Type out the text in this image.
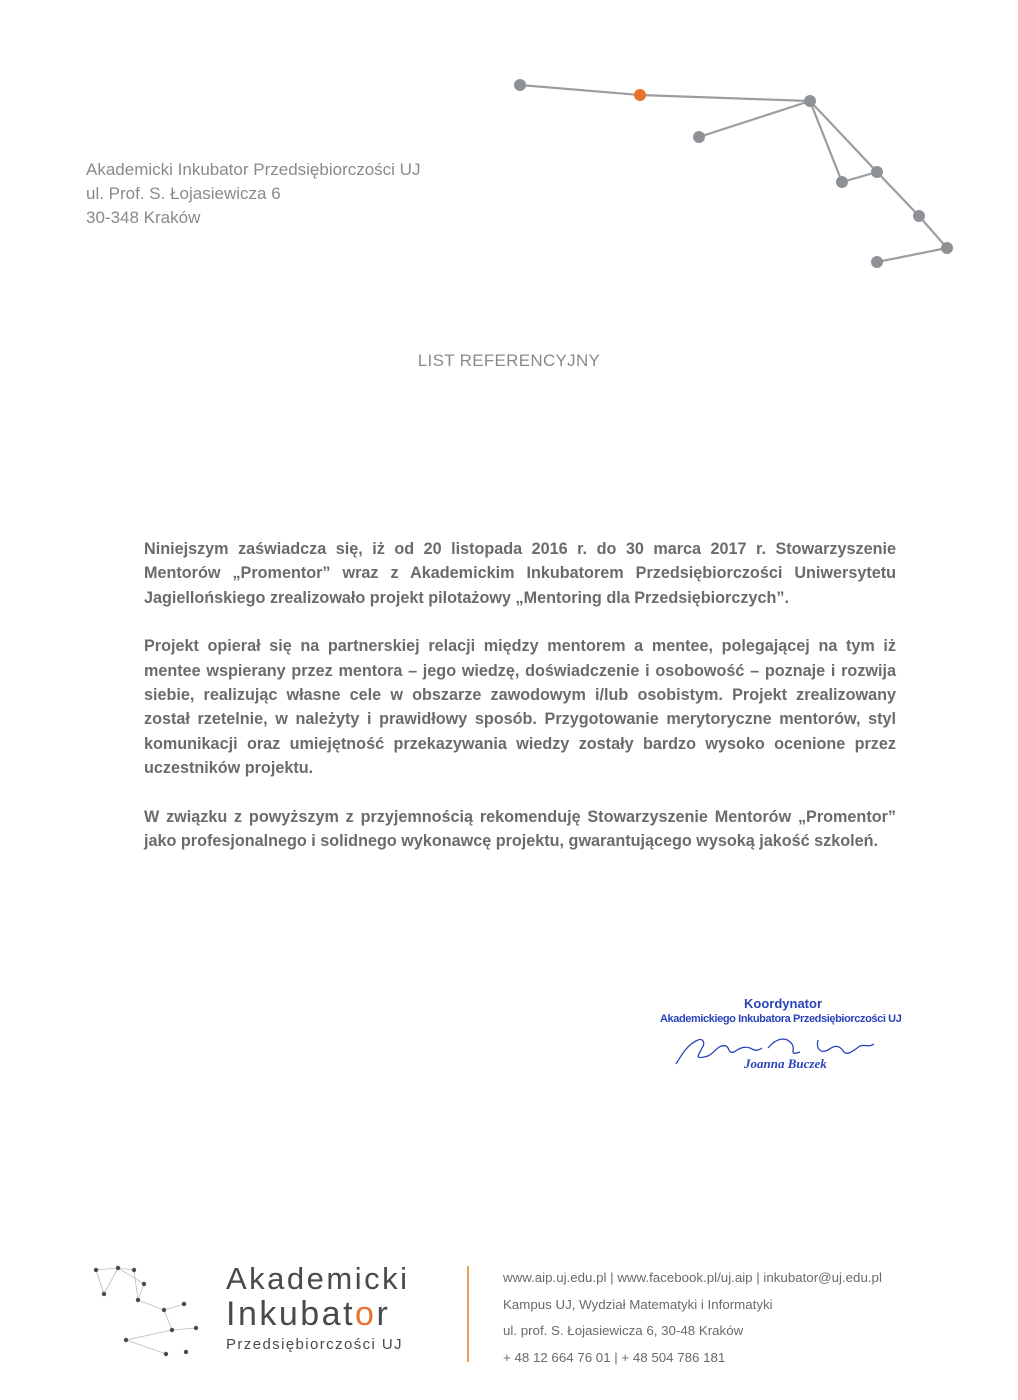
Akademicki Inkubator Przedsiębiorczości UJ
ul. Prof. S. Łojasiewicza 6
30-348 Kraków
LIST REFERENCYJNY

Niniejszym zaświadcza się, iż od 20 listopada 2016 r. do 30 marca 2017 r. Stowarzyszenie Mentorów „Promentor” wraz z Akademickim Inkubatorem Przedsiębiorczości Uniwersytetu Jagiellońskiego zrealizowało projekt pilotażowy „Mentoring dla Przedsiębiorczych”.

Projekt opierał się na partnerskiej relacji między mentorem a mentee, polegającej na tym iż mentee wspierany przez mentora – jego wiedzę, doświadczenie i osobowość – poznaje i rozwija siebie, realizując własne cele w obszarze zawodowym i/lub osobistym. Projekt zrealizowany został rzetelnie, w należyty i prawidłowy sposób. Przygotowanie merytoryczne mentorów, styl komunikacji oraz umiejętność przekazywania wiedzy zostały bardzo wysoko ocenione przez uczestników projektu.

W związku z powyższym z przyjemnością rekomenduję Stowarzyszenie Mentorów „Promentor” jako profesjonalnego i solidnego wykonawcę projektu, gwarantującego wysoką jakość szkoleń.

Koordynator
Akademickiego Inkubatora Przedsiębiorczości UJ
Joanna Buczek
Akademicki
Inkubator
Przedsiębiorczości UJ
www.aip.uj.edu.pl | www.facebook.pl/uj.aip | inkubator@uj.edu.pl
Kampus UJ, Wydział Matematyki i Informatyki
ul. prof. S. Łojasiewicza 6, 30-48 Kraków
+ 48 12 664 76 01 | + 48 504 786 181
